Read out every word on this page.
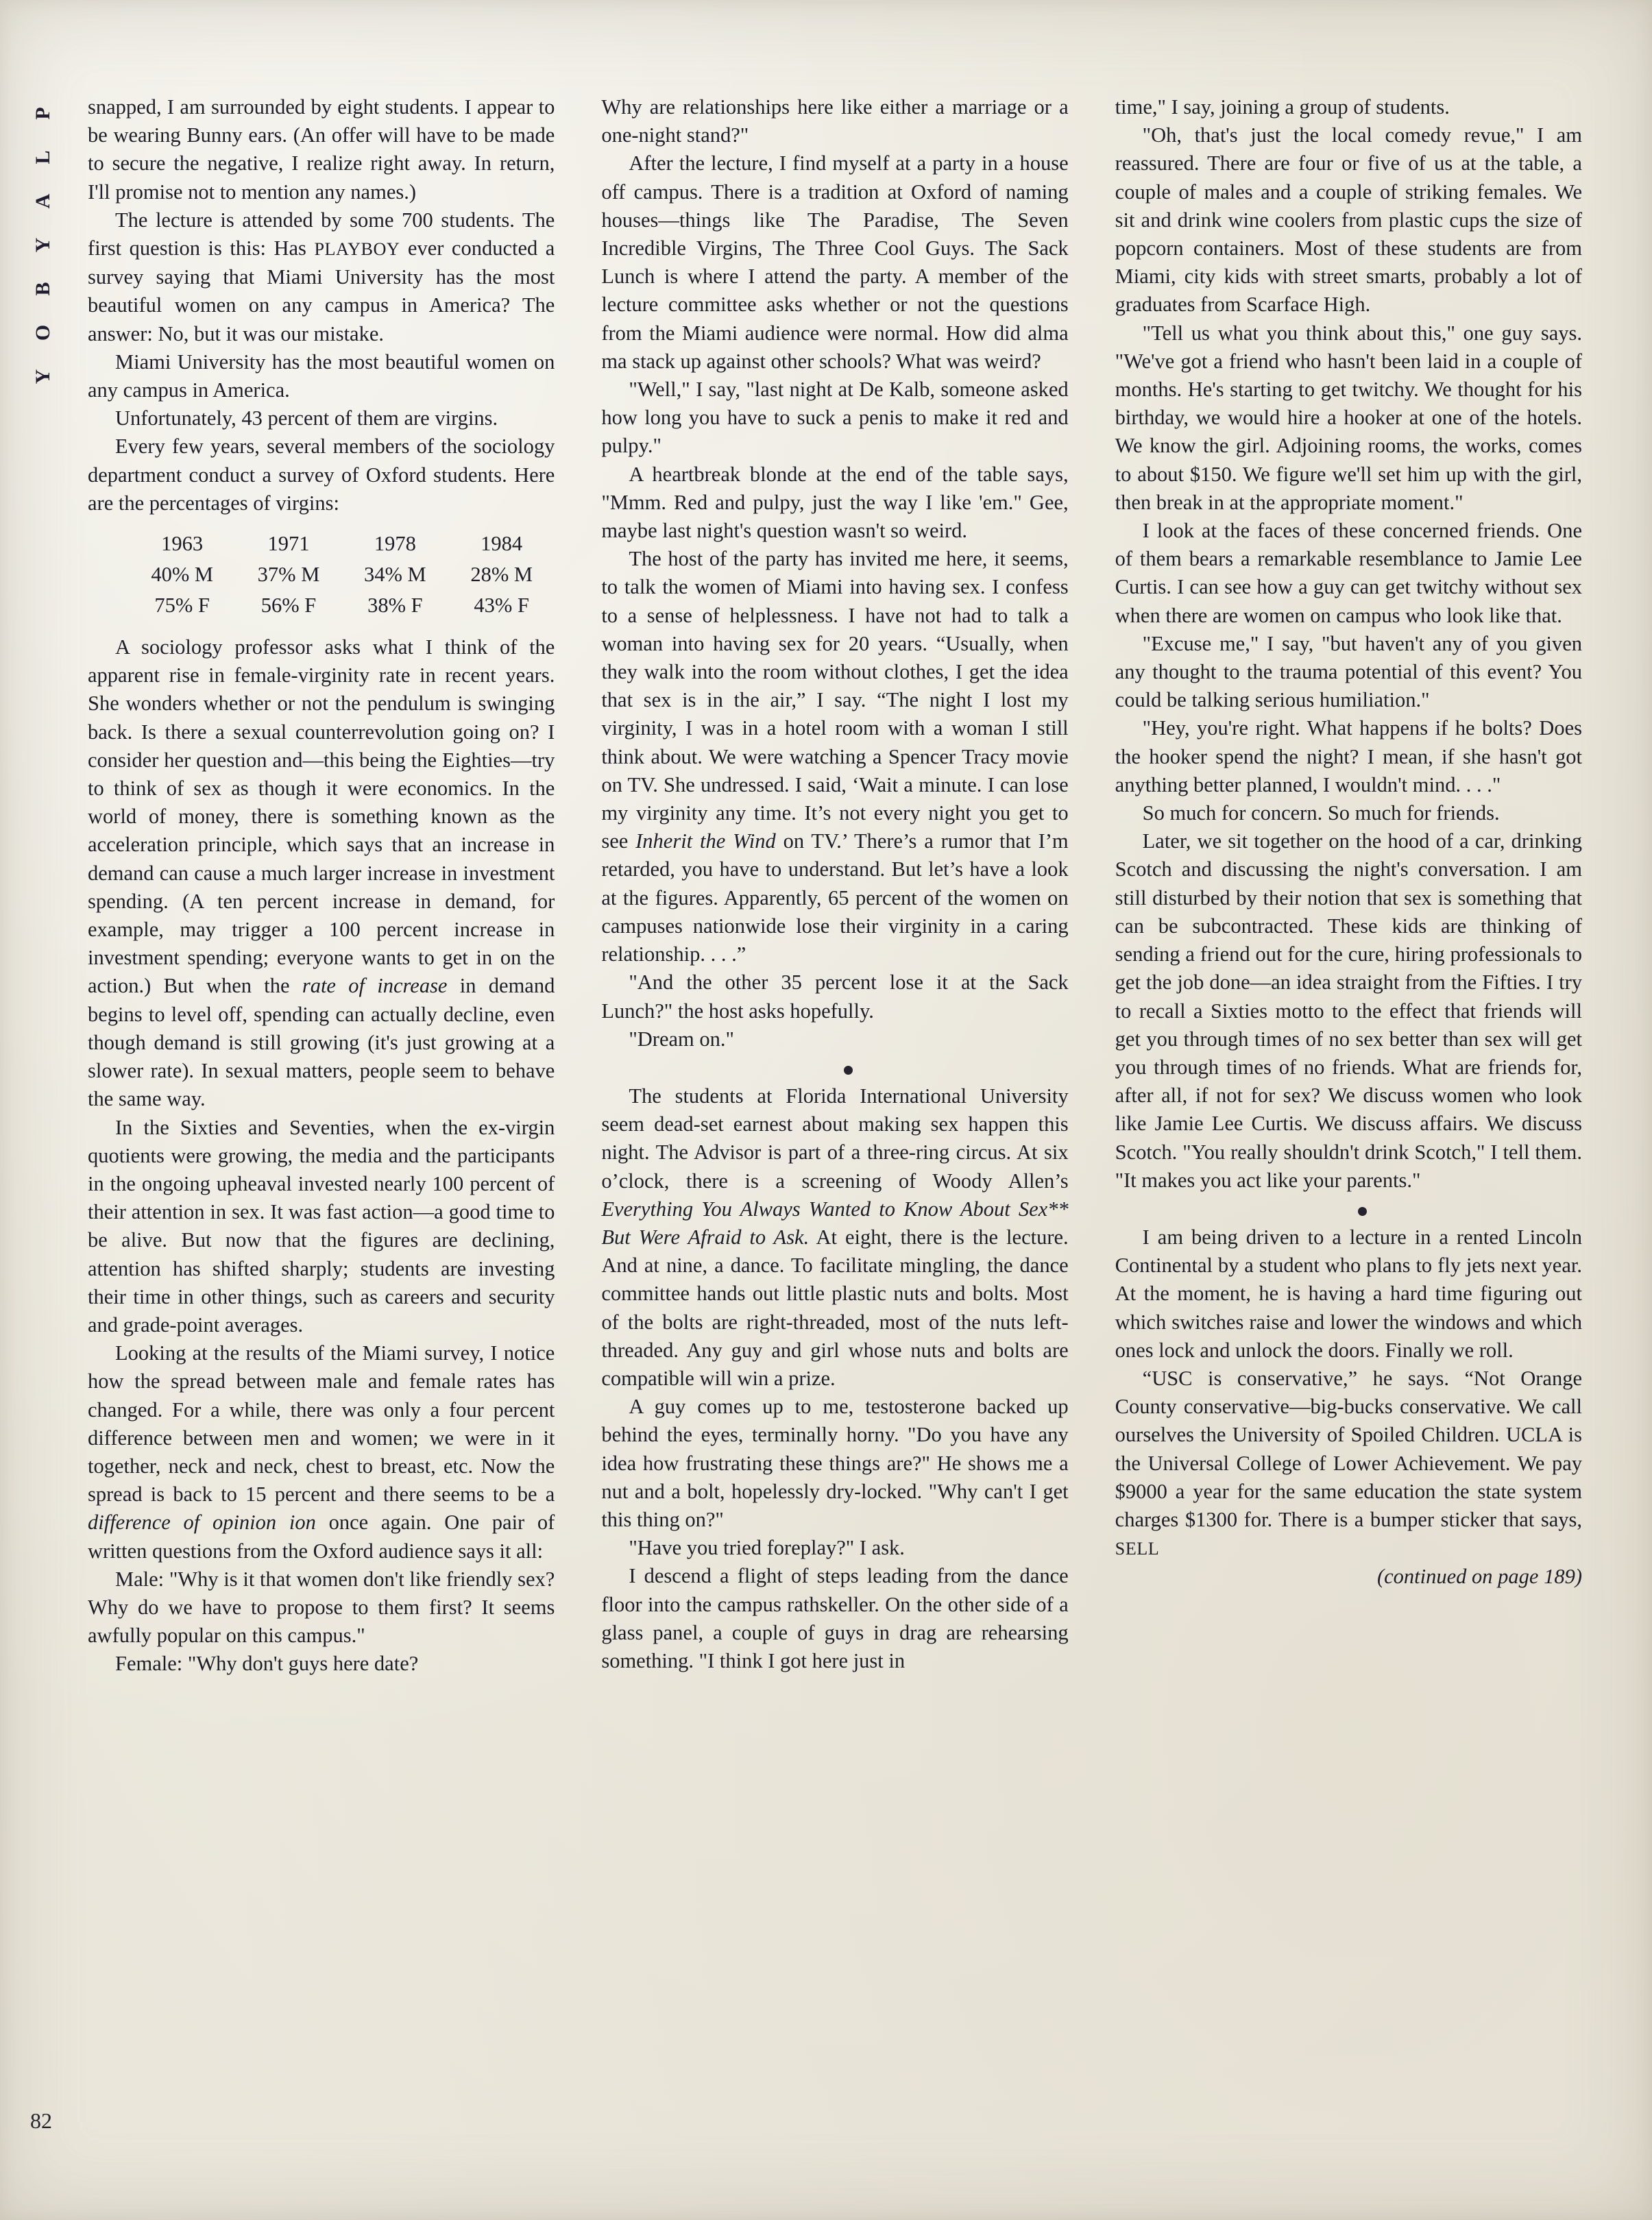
P
L
A
Y
B
O
Y
82

snapped, I am surrounded by eight students. I appear to be wearing Bunny ears. (An offer will have to be made to secure the negative, I realize right away. In return, I'll promise not to mention any names.)

The lecture is attended by some 700 students. The first question is this: Has PLAYBOY ever conducted a survey saying that Miami University has the most beautiful women on any campus in America? The answer: No, but it was our mistake.

Miami University has the most beautiful women on any campus in America.

Unfortunately, 43 percent of them are virgins.

Every few years, several members of the sociology department conduct a survey of Oxford students. Here are the percentages of virgins:

	1963	1971	1978	1984
	40% M	37% M	34% M	28% M
	75% F	56% F	38% F	43% F

A sociology professor asks what I think of the apparent rise in female-virginity rate in recent years. She wonders whether or not the pendulum is swinging back. Is there a sexual counterrevolution going on? I consider her question and—this being the Eighties—try to think of sex as though it were economics. In the world of money, there is something known as the acceleration principle, which says that an increase in demand can cause a much larger increase in investment spending. (A ten percent increase in demand, for example, may trigger a 100 percent increase in investment spending; everyone wants to get in on the action.) But when the rate of increase in demand begins to level off, spending can actually decline, even though demand is still growing (it's just growing at a slower rate). In sexual matters, people seem to behave the same way.

In the Sixties and Seventies, when the ex-virgin quotients were growing, the media and the participants in the ongoing upheaval invested nearly 100 percent of their attention in sex. It was fast action—a good time to be alive. But now that the figures are declining, attention has shifted sharply; students are investing their time in other things, such as careers and security and grade-point averages.

Looking at the results of the Miami survey, I notice how the spread between male and female rates has changed. For a while, there was only a four percent difference between men and women; we were in it together, neck and neck, chest to breast, etc. Now the spread is back to 15 percent and there seems to be a difference of opinion ion once again. One pair of written questions from the Oxford audience says it all:

Male: "Why is it that women don't like friendly sex? Why do we have to propose to them first? It seems awfully popular on this campus."

Female: "Why don't guys here date?

Why are relationships here like either a marriage or a one-night stand?"

After the lecture, I find myself at a party in a house off campus. There is a tradition at Oxford of naming houses—things like The Paradise, The Seven Incredible Virgins, The Three Cool Guys. The Sack Lunch is where I attend the party. A member of the lecture committee asks whether or not the questions from the Miami audience were normal. How did alma ma stack up against other schools? What was weird?

"Well," I say, "last night at De Kalb, someone asked how long you have to suck a penis to make it red and pulpy."

A heartbreak blonde at the end of the table says, "Mmm. Red and pulpy, just the way I like 'em." Gee, maybe last night's question wasn't so weird.

The host of the party has invited me here, it seems, to talk the women of Miami into having sex. I confess to a sense of helplessness. I have not had to talk a woman into having sex for 20 years. “Usually, when they walk into the room without clothes, I get the idea that sex is in the air,” I say. “The night I lost my virginity, I was in a hotel room with a woman I still think about. We were watching a Spencer Tracy movie on TV. She undressed. I said, ‘Wait a minute. I can lose my virginity any time. It’s not every night you get to see Inherit the Wind on TV.’ There’s a rumor that I’m retarded, you have to understand. But let’s have a look at the figures. Apparently, 65 percent of the women on campuses nationwide lose their virginity in a caring relationship. . . .”

"And the other 35 percent lose it at the Sack Lunch?" the host asks hopefully.

"Dream on."

The students at Florida International University seem dead-set earnest about making sex happen this night. The Advisor is part of a three-ring circus. At six o’clock, there is a screening of Woody Allen’s Everything You Always Wanted to Know About Sex** But Were Afraid to Ask. At eight, there is the lecture. And at nine, a dance. To facilitate mingling, the dance committee hands out little plastic nuts and bolts. Most of the bolts are right-threaded, most of the nuts left-threaded. Any guy and girl whose nuts and bolts are compatible will win a prize.

A guy comes up to me, testosterone backed up behind the eyes, terminally horny. "Do you have any idea how frustrating these things are?" He shows me a nut and a bolt, hopelessly dry-locked. "Why can't I get this thing on?"

"Have you tried foreplay?" I ask.

I descend a flight of steps leading from the dance floor into the campus rathskeller. On the other side of a glass panel, a couple of guys in drag are rehearsing something. "I think I got here just in

time," I say, joining a group of students.

"Oh, that's just the local comedy revue," I am reassured. There are four or five of us at the table, a couple of males and a couple of striking females. We sit and drink wine coolers from plastic cups the size of popcorn containers. Most of these students are from Miami, city kids with street smarts, probably a lot of graduates from Scarface High.

"Tell us what you think about this," one guy says. "We've got a friend who hasn't been laid in a couple of months. He's starting to get twitchy. We thought for his birthday, we would hire a hooker at one of the hotels. We know the girl. Adjoining rooms, the works, comes to about $150. We figure we'll set him up with the girl, then break in at the appropriate moment."

I look at the faces of these concerned friends. One of them bears a remarkable resemblance to Jamie Lee Curtis. I can see how a guy can get twitchy without sex when there are women on campus who look like that.

"Excuse me," I say, "but haven't any of you given any thought to the trauma potential of this event? You could be talking serious humiliation."

"Hey, you're right. What happens if he bolts? Does the hooker spend the night? I mean, if she hasn't got anything better planned, I wouldn't mind. . . ."

So much for concern. So much for friends.

Later, we sit together on the hood of a car, drinking Scotch and discussing the night's conversation. I am still disturbed by their notion that sex is something that can be subcontracted. These kids are thinking of sending a friend out for the cure, hiring professionals to get the job done—an idea straight from the Fifties. I try to recall a Sixties motto to the effect that friends will get you through times of no sex better than sex will get you through times of no friends. What are friends for, after all, if not for sex? We discuss women who look like Jamie Lee Curtis. We discuss affairs. We discuss Scotch. "You really shouldn't drink Scotch," I tell them. "It makes you act like your parents."

I am being driven to a lecture in a rented Lincoln Continental by a student who plans to fly jets next year. At the moment, he is having a hard time figuring out which switches raise and lower the windows and which ones lock and unlock the doors. Finally we roll.

“USC is conservative,” he says. “Not Orange County conservative—big-bucks conservative. We call ourselves the University of Spoiled Children. UCLA is the Universal College of Lower Achievement. We pay $9000 a year for the same education the state system charges $1300 for. There is a bumper sticker that says, SELL

(continued on page 189)
